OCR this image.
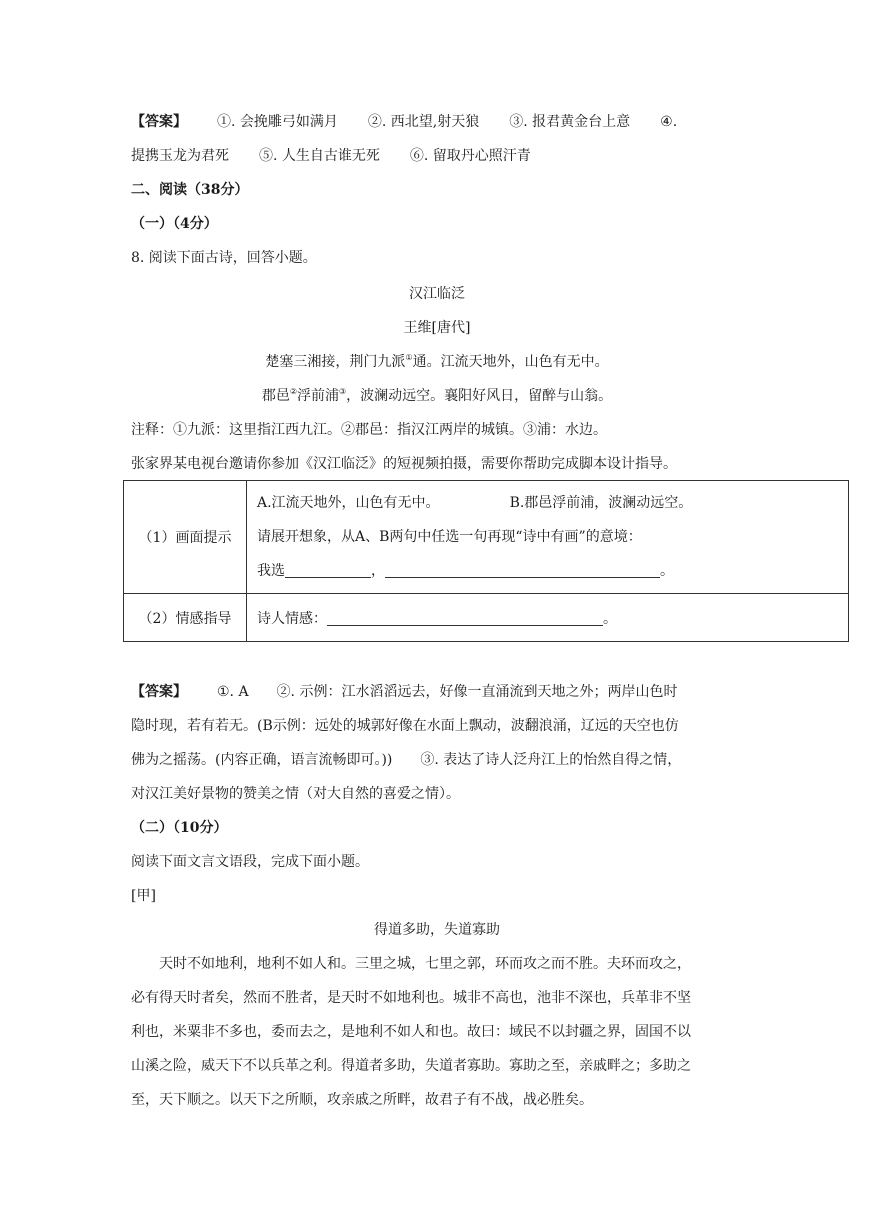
【答案】 ①. 会挽雕弓如满月 ②. 西北望,射天狼 ③. 报君黄金台上意 ④.
提携玉龙为君死 ⑤. 人生自古谁无死 ⑥. 留取丹心照汗青
二、阅读（38分）
（一）（4分）
8. 阅读下面古诗，回答小题。
汉江临泛
王维[唐代]
楚塞三湘接，荆门九派①通。江流天地外，山色有无中。
郡邑②浮前浦③，波澜动远空。襄阳好风日，留醉与山翁。
注释：①九派：这里指江西九江。②郡邑：指汉江两岸的城镇。③浦：水边。
张家界某电视台邀请你参加《汉江临泛》的短视频拍摄，需要你帮助完成脚本设计指导。
（1）画面提示	A.江流天地外，山色有无中。 B.郡邑浮前浦，波澜动远空。
请展开想象，从A、B两句中任选一句再现“诗中有画”的意境：
我选 ， 。

（2）情感指导	诗人情感： 。
【答案】 ①. A　　②. 示例：江水滔滔远去，好像一直涌流到天地之外；两岸山色时
隐时现，若有若无。(B示例：远处的城郭好像在水面上飘动，波翻浪涌，辽远的天空也仿
佛为之摇荡。(内容正确，语言流畅即可。))　　③. 表达了诗人泛舟江上的怡然自得之情，
对汉江美好景物的赞美之情（对大自然的喜爱之情）。
（二）（10分）
阅读下面文言文语段，完成下面小题。
[甲]
得道多助，失道寡助
天时不如地利，地利不如人和。三里之城，七里之郭，环而攻之而不胜。夫环而攻之，
必有得天时者矣，然而不胜者，是天时不如地利也。城非不高也，池非不深也，兵革非不坚
利也，米粟非不多也，委而去之，是地利不如人和也。故曰：域民不以封疆之界，固国不以
山溪之险，威天下不以兵革之利。得道者多助，失道者寡助。寡助之至，亲戚畔之；多助之
至，天下顺之。以天下之所顺，攻亲戚之所畔，故君子有不战，战必胜矣。
